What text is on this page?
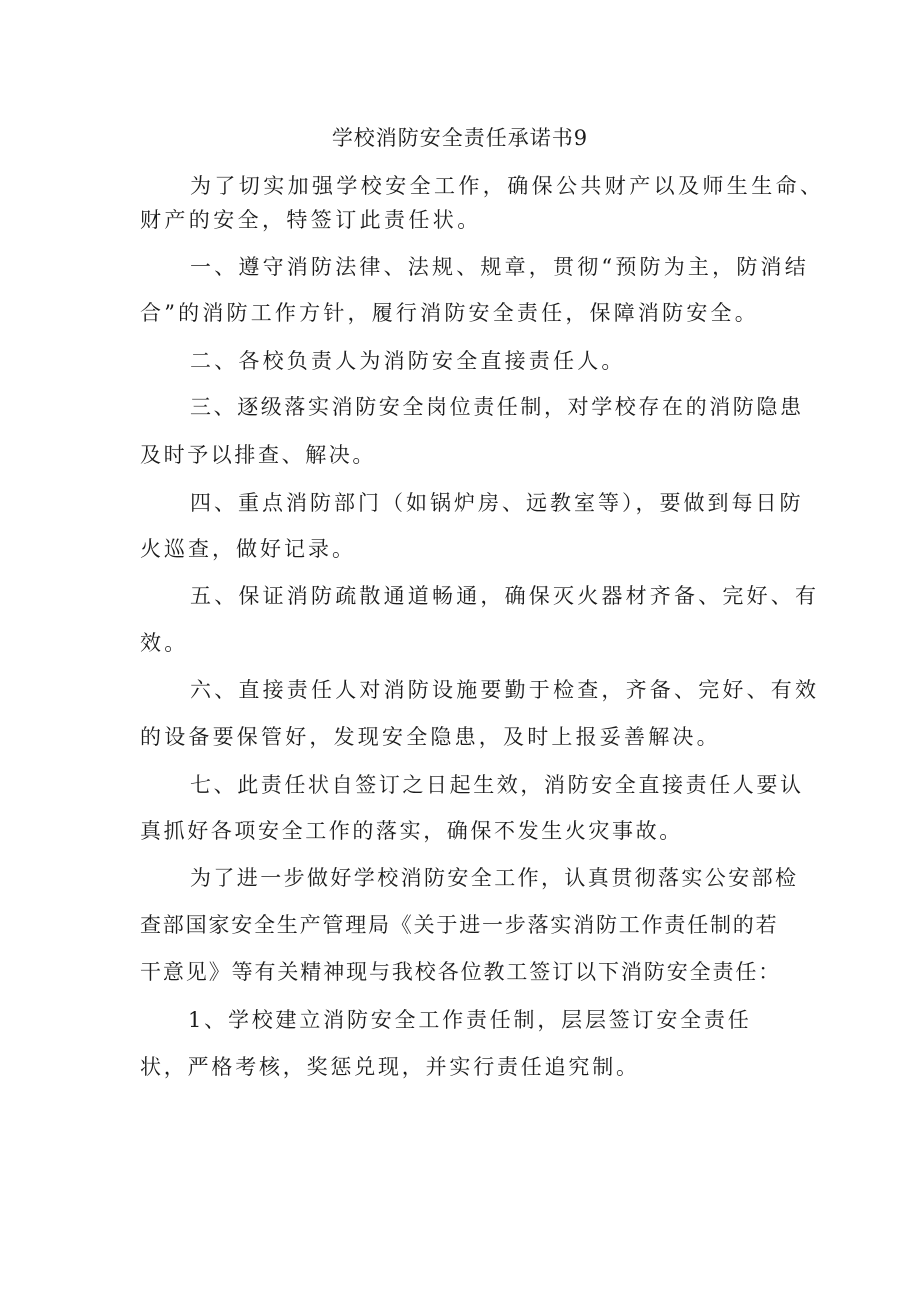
学校消防安全责任承诺书9
为了切实加强学校安全工作，确保公共财产以及师生生命、
财产的安全，特签订此责任状。
一、遵守消防法律、法规、规章，贯彻“预防为主，防消结
合”的消防工作方针，履行消防安全责任，保障消防安全。
二、各校负责人为消防安全直接责任人。
三、逐级落实消防安全岗位责任制，对学校存在的消防隐患
及时予以排查、解决。
四、重点消防部门（如锅炉房、远教室等），要做到每日防
火巡查，做好记录。
五、保证消防疏散通道畅通，确保灭火器材齐备、完好、有
效。
六、直接责任人对消防设施要勤于检查，齐备、完好、有效
的设备要保管好，发现安全隐患，及时上报妥善解决。
七、此责任状自签订之日起生效，消防安全直接责任人要认
真抓好各项安全工作的落实，确保不发生火灾事故。
为了进一步做好学校消防安全工作，认真贯彻落实公安部检
查部国家安全生产管理局《关于进一步落实消防工作责任制的若
干意见》等有关精神现与我校各位教工签订以下消防安全责任：
1、学校建立消防安全工作责任制，层层签订安全责任
状，严格考核，奖惩兑现，并实行责任追究制。
